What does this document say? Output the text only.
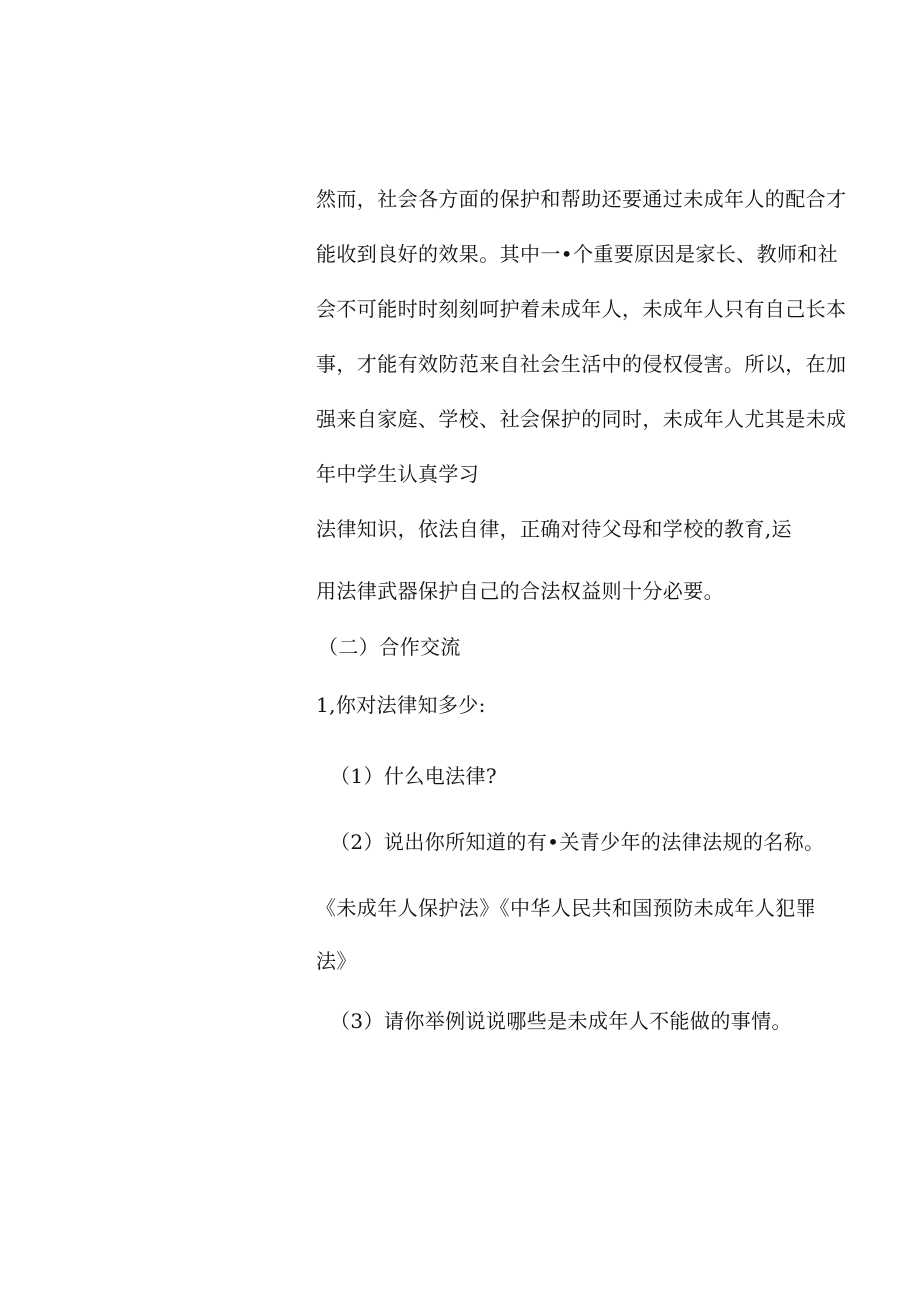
然而，社会各方面的保护和帮助还要通过未成年人的配合才
能收到良好的效果。其中一•个重要原因是家长、教师和社
会不可能时时刻刻呵护着未成年人，未成年人只有自己长本
事，才能有效防范来自社会生活中的侵权侵害。所以，在加
强来自家庭、学校、社会保护的同时，未成年人尤其是未成
年中学生认真学习
法律知识，依法自律，正确对待父母和学校的教育,运
用法律武器保护自己的合法权益则十分必要。
（二）合作交流
1,你对法律知多少:
（1）什么电法律?
（2）说出你所知道的有•关青少年的法律法规的名称。
《未成年人保护法》《中华人民共和国预防未成年人犯罪
法》
（3）请你举例说说哪些是未成年人不能做的事情。
